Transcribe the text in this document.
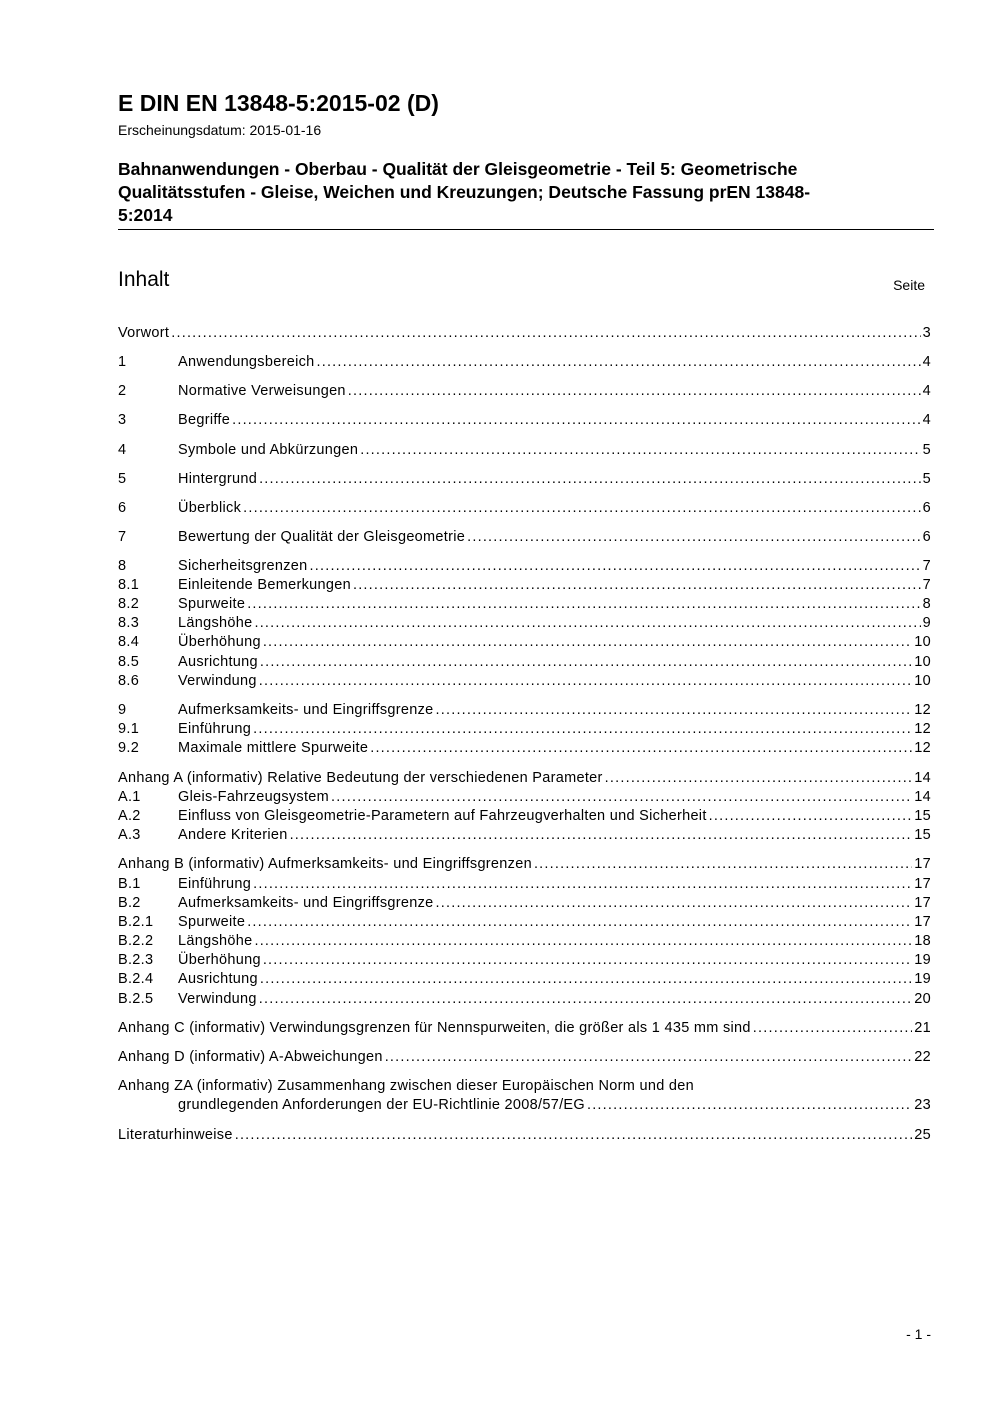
E DIN EN 13848-5:2015-02 (D)
Erscheinungsdatum: 2015-01-16
Bahnanwendungen - Oberbau - Qualität der Gleisgeometrie - Teil 5: Geometrische
Qualitätsstufen - Gleise, Weichen und Kreuzungen; Deutsche Fassung prEN 13848-
5:2014
Inhalt	Seite
Vorwort .....	3
1	Anwendungsbereich .....	4
2	Normative Verweisungen .....	4
3	Begriffe .....	4
4	Symbole und Abkürzungen .....	5
5	Hintergrund .....	5
6	Überblick .....	6
7	Bewertung der Qualität der Gleisgeometrie .....	6
8	Sicherheitsgrenzen .....	7
8.1	Einleitende Bemerkungen .....	7
8.2	Spurweite .....	8
8.3	Längshöhe .....	9
8.4	Überhöhung .....	10
8.5	Ausrichtung .....	10
8.6	Verwindung .....	10
9	Aufmerksamkeits- und Eingriffsgrenze .....	12
9.1	Einführung .....	12
9.2	Maximale mittlere Spurweite .....	12
Anhang A (informativ) Relative Bedeutung der verschiedenen Parameter .....	14
A.1	Gleis-Fahrzeugsystem .....	14
A.2	Einfluss von Gleisgeometrie-Parametern auf Fahrzeugverhalten und Sicherheit .....	15
A.3	Andere Kriterien .....	15
Anhang B (informativ) Aufmerksamkeits- und Eingriffsgrenzen .....	17
B.1	Einführung .....	17
B.2	Aufmerksamkeits- und Eingriffsgrenze .....	17
B.2.1	Spurweite .....	17
B.2.2	Längshöhe .....	18
B.2.3	Überhöhung .....	19
B.2.4	Ausrichtung .....	19
B.2.5	Verwindung .....	20
Anhang C (informativ) Verwindungsgrenzen für Nennspurweiten, die größer als 1 435 mm sind .....	21
Anhang D (informativ) A-Abweichungen .....	22
Anhang ZA (informativ) Zusammenhang zwischen dieser Europäischen Norm und den
grundlegenden Anforderungen der EU-Richtlinie 2008/57/EG .....	23
Literaturhinweise .....	25
- 1 -
